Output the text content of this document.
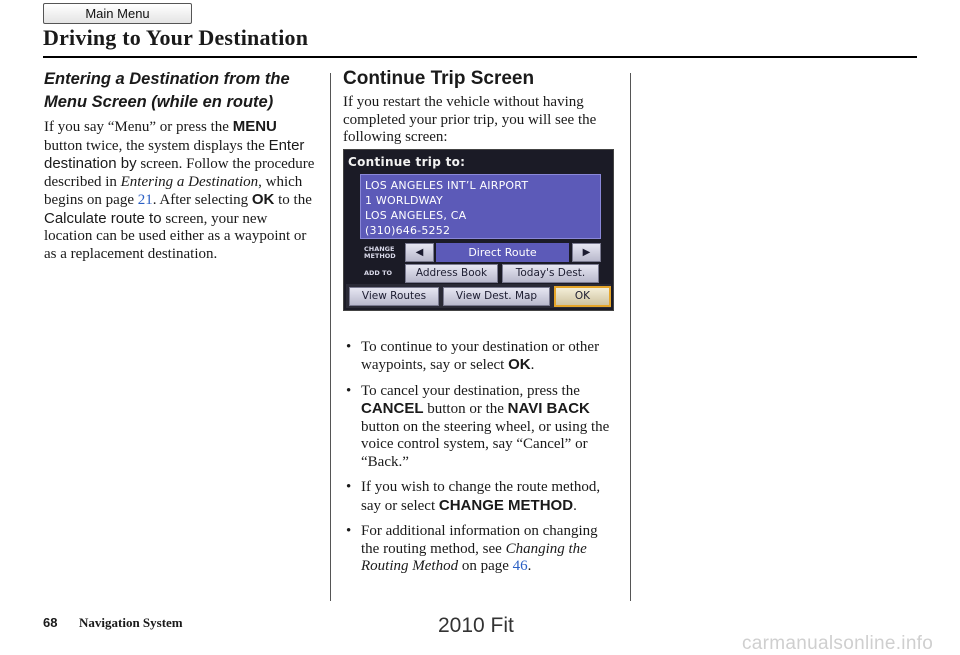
Main Menu
Driving to Your Destination
Entering a Destination from the Menu Screen (while en route)

If you say “Menu” or press the MENU button twice, the system displays the Enter destination by screen. Follow the procedure described in Entering a Destination, which begins on page 21. After selecting OK to the Calculate route to screen, your new location can be used either as a waypoint or as a replacement destination.

Continue Trip Screen

If you restart the vehicle without having completed your prior trip, you will see the following screen:

• To continue to your destination or other waypoints, say or select OK.
• To cancel your destination, press the CANCEL button or the NAVI BACK button on the steering wheel, or using the voice control system, say “Cancel” or “Back.”
• If you wish to change the route method, say or select CHANGE METHOD.
• For additional information on changing the routing method, see Changing the Routing Method on page 46.
Continue trip to:
LOS ANGELES INT’L AIRPORT
1 WORLDWAY
LOS ANGELES, CA
(310)646-5252
CHANGE METHOD	◀	Direct Route	▶
ADD TO	Address Book	Today's Dest.
View Routes	View Dest. Map	OK
68 Navigation System	2010 Fit
carmanualsonline.info
